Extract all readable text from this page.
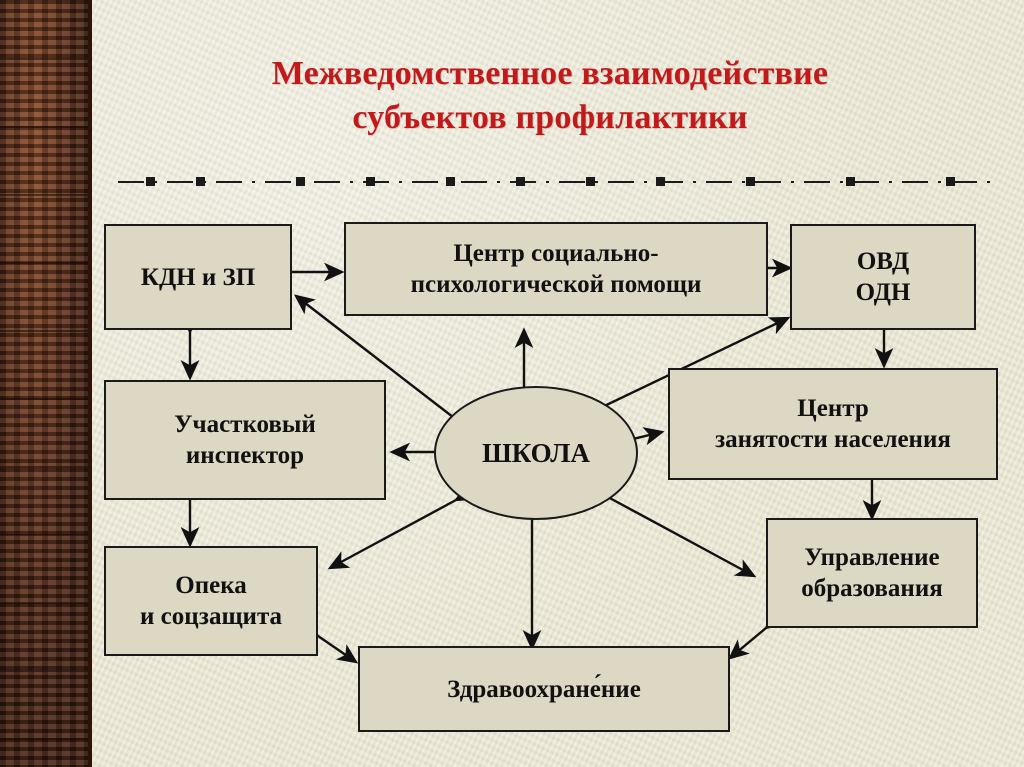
Межведомственное взаимодействие
субъектов профилактики
КДН и ЗП
Центр социально-
психологической помощи
ОВД
ОДН
Участковый
инспектор	ШКОЛА
Центр
занятости населения
Опека
и соцзащита
Управление
образования
Здравоохране́ние
